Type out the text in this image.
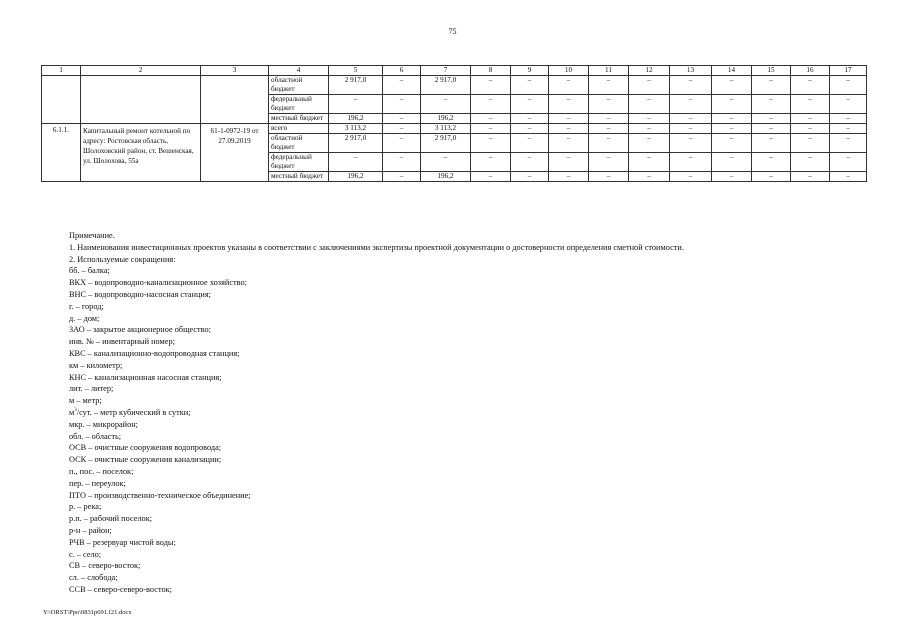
75
1	2	3	4	5	6	7	8	9	10	11	12	13	14	15	16	17
			областной бюджет	2 917,0	–	2 917,0	–	–	–	–	–	–	–	–	–	–
			федеральный бюджет	–	–	–	–	–	–	–	–	–	–	–	–	–
			местный бюджет	196,2	–	196,2	–	–	–	–	–	–	–	–	–	–
6.1.1.	Капитальный ремонт котельной по адресу: Ростовская область, Шолоховский район, ст. Вешенская, ул. Шолохова, 55а	61-1-0972-19 от 27.09.2019	всего	3 113,2	–	3 113,2	–	–	–	–	–	–	–	–	–	–
			областной бюджет	2 917,0	–	2 917,0	–	–	–	–	–	–	–	–	–	–
			федеральный бюджет	–	–	–	–	–	–	–	–	–	–	–	–	–
			местный бюджет	196,2	–	196,2	–	–	–	–	–	–	–	–	–	–
Примечание.
1. Наименования инвестиционных проектов указаны в соответствии с заключениями экспертизы проектной документации о достоверности определения сметной стоимости.
2. Используемые сокращения:
бб. – балка;
ВКХ – водопроводно-канализационное хозяйство;
ВНС – водопроводно-насосная станция;
г. – город;
д. – дом;
ЗАО – закрытое акционерное общество;
инв. № – инвентарный номер;
КВС – канализационно-водопроводная станция;
км – километр;
КНС – канализационная насосная станция;
лит. – литер;
м – метр;
$м^3$/сут. – метр кубический в сутки;
мкр. – микрорайон;
обл. – область;
ОСВ – очистные сооружения водопровода;
ОСК – очистные сооружения канализации;
п., пос. – поселок;
пер. – переулок;
ПТО – производственно-техническое объединение;
р. – река;
р.п. – рабочий поселок;
р-н – район;
РЧВ – резервуар чистой воды;
с. – село;
СВ – северо-восток;
сл. – слобода;
ССВ – северо-северо-восток;
Y:\ORST\Ppo\0831p691.f21.docx
